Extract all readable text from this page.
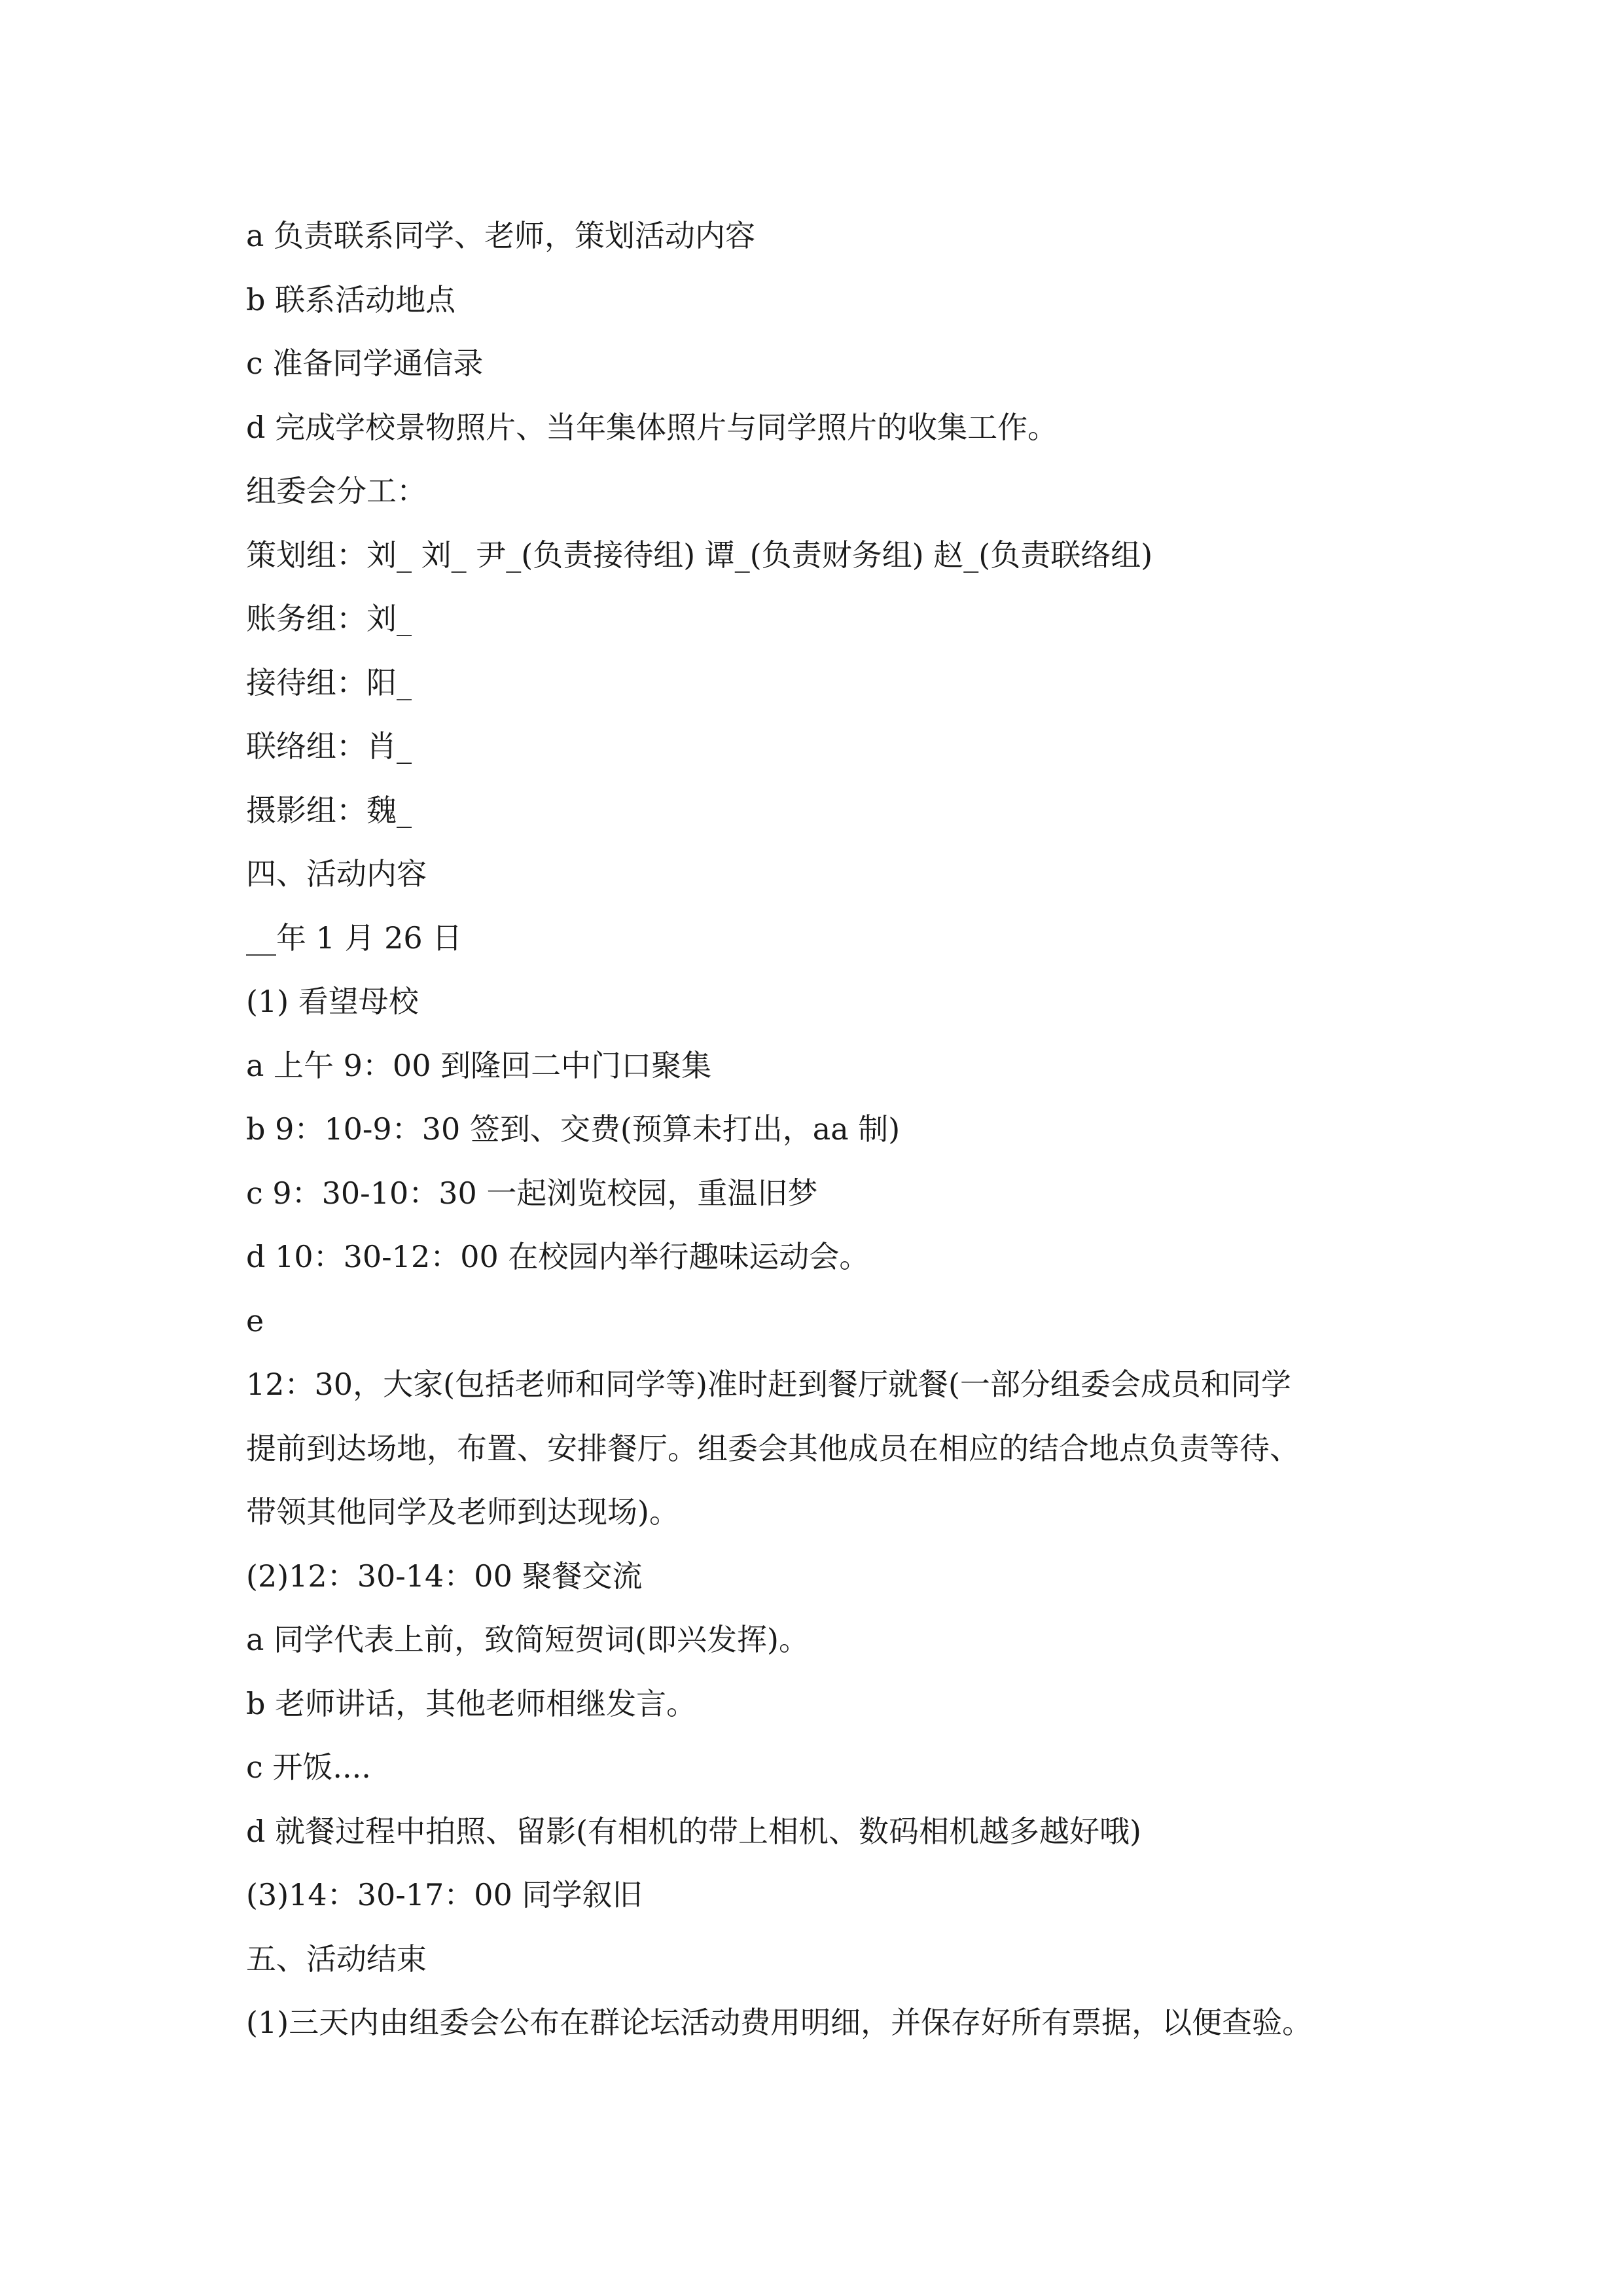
a 负责联系同学、老师，策划活动内容
b 联系活动地点
c 准备同学通信录
d 完成学校景物照片、当年集体照片与同学照片的收集工作。
组委会分工：
策划组：刘_ 刘_ 尹_(负责接待组) 谭_(负责财务组) 赵_(负责联络组)
账务组：刘_
接待组：阳_
联络组：肖_
摄影组：魏_
四、活动内容
__年 1 月 26 日
(1) 看望母校
a 上午 9：00 到隆回二中门口聚集
b 9：10-9：30 签到、交费(预算未打出，aa 制)
c 9：30-10：30 一起浏览校园，重温旧梦
d 10：30-12：00 在校园内举行趣味运动会。
e
12：30，大家(包括老师和同学等)准时赶到餐厅就餐(一部分组委会成员和同学
提前到达场地，布置、安排餐厅。组委会其他成员在相应的结合地点负责等待、
带领其他同学及老师到达现场)。
(2)12：30-14：00 聚餐交流
a 同学代表上前，致简短贺词(即兴发挥)。
b 老师讲话，其他老师相继发言。
c 开饭....
d 就餐过程中拍照、留影(有相机的带上相机、数码相机越多越好哦)
(3)14：30-17：00 同学叙旧
五、活动结束
(1)三天内由组委会公布在群论坛活动费用明细，并保存好所有票据，以便查验。
